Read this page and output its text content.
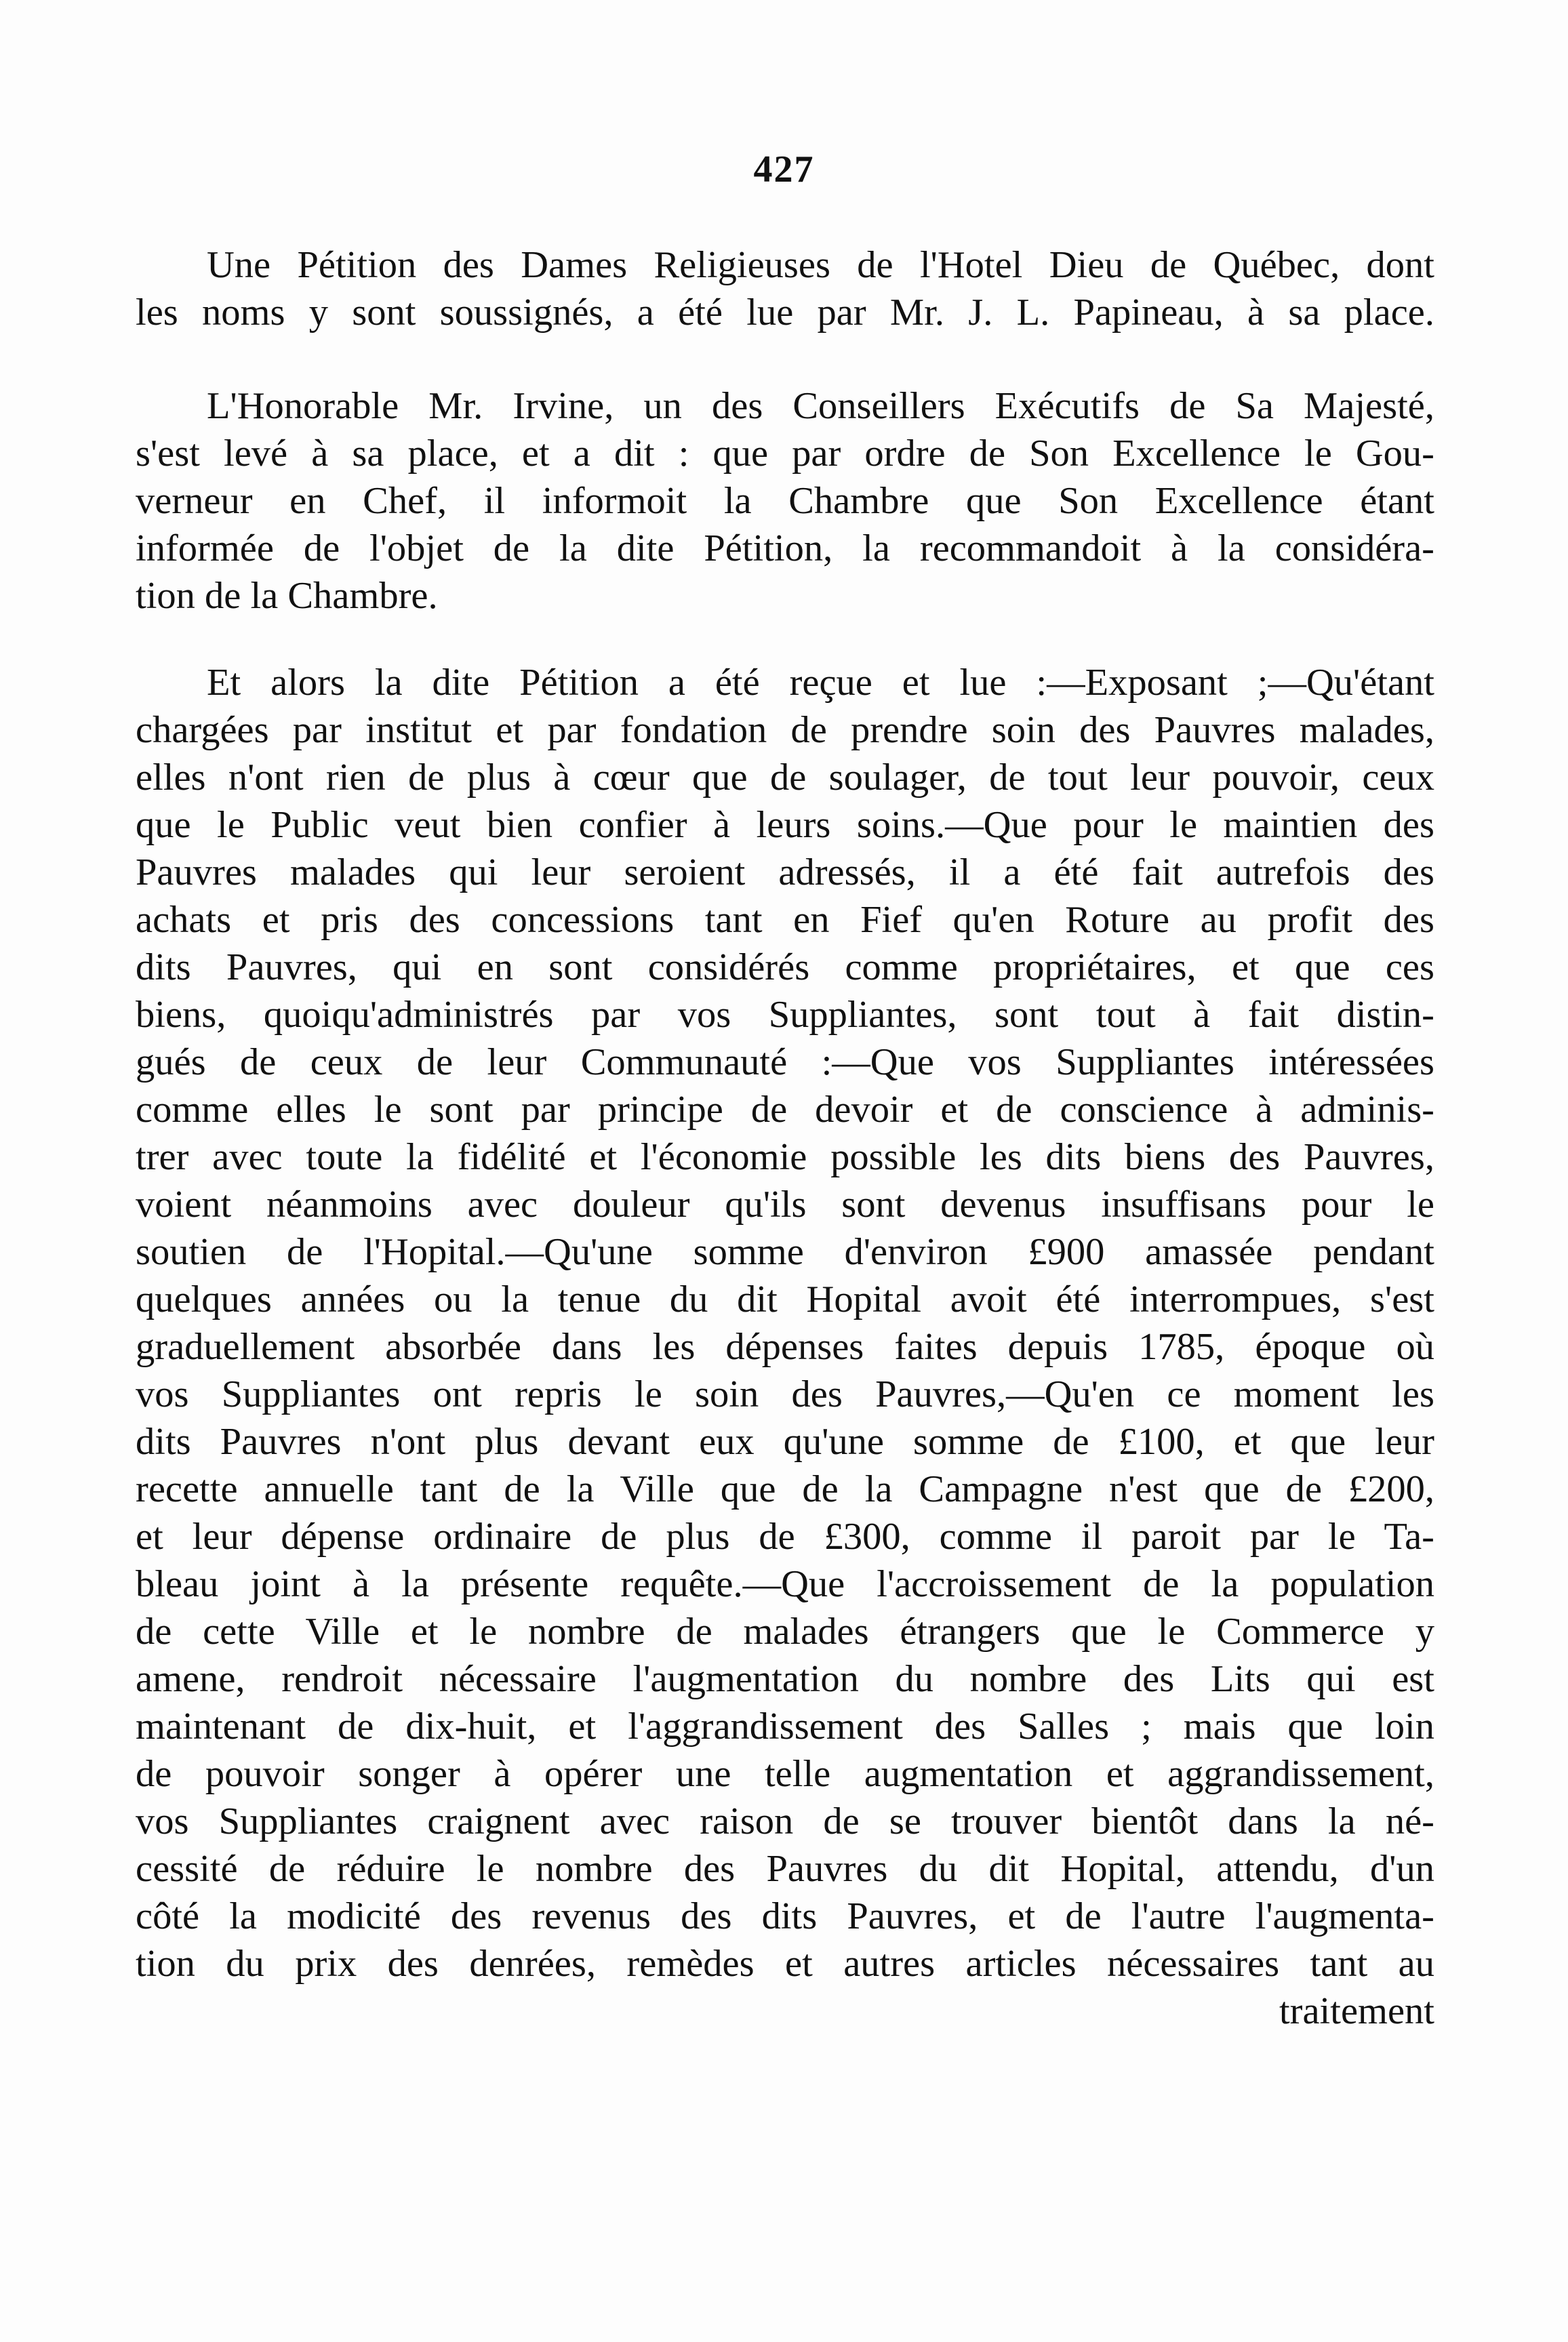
427
Une Pétition des Dames Religieuses de l'Hotel Dieu de Québec, dont
les noms y sont soussignés, a été lue par Mr. J. L. Papineau, à sa place.
L'Honorable Mr. Irvine, un des Conseillers Exécutifs de Sa Majesté,
s'est levé à sa place, et a dit : que par ordre de Son Excellence le Gou-
verneur en Chef, il informoit la Chambre que Son Excellence étant
informée de l'objet de la dite Pétition, la recommandoit à la considéra-
tion de la Chambre.
Et alors la dite Pétition a été reçue et lue :—Exposant ;—Qu'étant
chargées par institut et par fondation de prendre soin des Pauvres malades,
elles n'ont rien de plus à cœur que de soulager, de tout leur pouvoir, ceux
que le Public veut bien confier à leurs soins.—Que pour le maintien des
Pauvres malades qui leur seroient adressés, il a été fait autrefois des
achats et pris des concessions tant en Fief qu'en Roture au profit des
dits Pauvres, qui en sont considérés comme propriétaires, et que ces
biens, quoiqu'administrés par vos Suppliantes, sont tout à fait distin-
gués de ceux de leur Communauté :—Que vos Suppliantes intéressées
comme elles le sont par principe de devoir et de conscience à adminis-
trer avec toute la fidélité et l'économie possible les dits biens des Pauvres,
voient néanmoins avec douleur qu'ils sont devenus insuffisans pour le
soutien de l'Hopital.—Qu'une somme d'environ £900 amassée pendant
quelques années ou la tenue du dit Hopital avoit été interrompues, s'est
graduellement absorbée dans les dépenses faites depuis 1785, époque où
vos Suppliantes ont repris le soin des Pauvres,—Qu'en ce moment les
dits Pauvres n'ont plus devant eux qu'une somme de £100, et que leur
recette annuelle tant de la Ville que de la Campagne n'est que de £200,
et leur dépense ordinaire de plus de £300, comme il paroit par le Ta-
bleau joint à la présente requête.—Que l'accroissement de la population
de cette Ville et le nombre de malades étrangers que le Commerce y
amene, rendroit nécessaire l'augmentation du nombre des Lits qui est
maintenant de dix-huit, et l'aggrandissement des Salles ; mais que loin
de pouvoir songer à opérer une telle augmentation et aggrandissement,
vos Suppliantes craignent avec raison de se trouver bientôt dans la né-
cessité de réduire le nombre des Pauvres du dit Hopital, attendu, d'un
côté la modicité des revenus des dits Pauvres, et de l'autre l'augmenta-
tion du prix des denrées, remèdes et autres articles nécessaires tant au
traitement
